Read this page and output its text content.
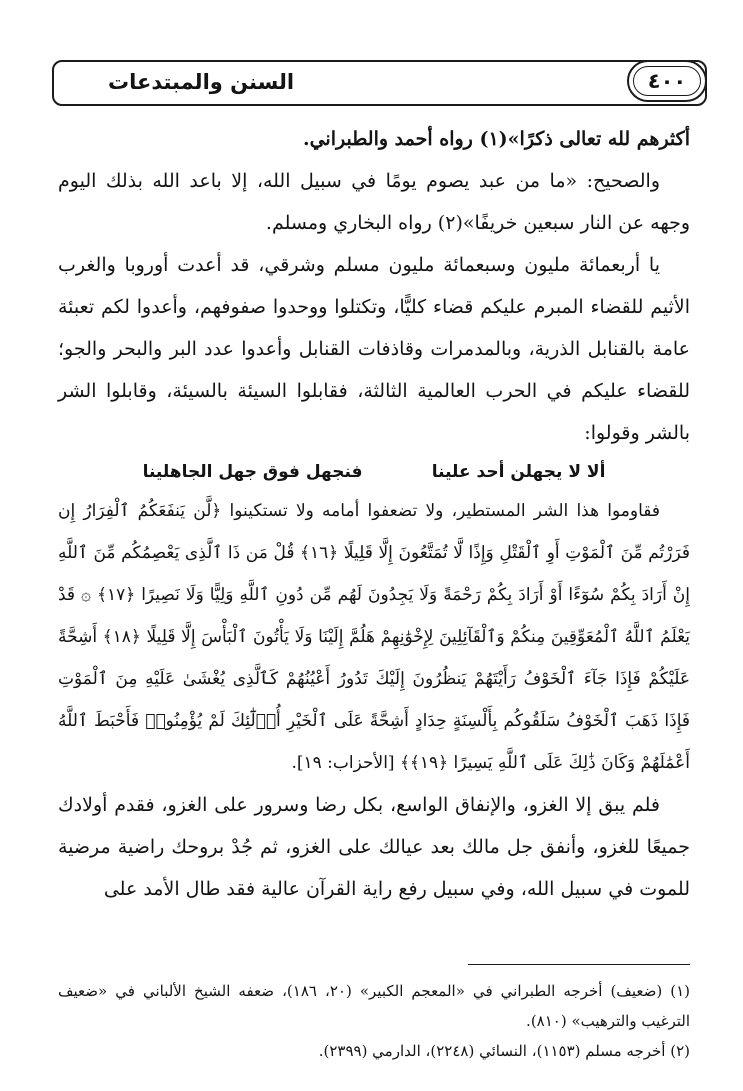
السنن والمبتدعات	٤٠٠

أكثرهم لله تعالى ذكرًا»(١) رواه أحمد والطبراني.

والصحيح: «ما من عبد يصوم يومًا في سبيل الله، إلا باعد الله بذلك اليوم وجهه عن النار سبعين خريفًا»(٢) رواه البخاري ومسلم.

يا أربعمائة مليون وسبعمائة مليون مسلم وشرقي، قد أعدت أوروبا والغرب الأثيم للقضاء المبرم عليكم قضاء كليًّا، وتكتلوا ووحدوا صفوفهم، وأعدوا لكم تعبئة عامة بالقنابل الذرية، وبالمدمرات وقاذفات القنابل وأعدوا عدد البر والبحر والجو؛ للقضاء عليكم في الحرب العالمية الثالثة، فقابلوا السيئة بالسيئة، وقابلوا الشر بالشر وقولوا:

ألا لا يجهلن أحد علينا
فنجهل فوق جهل الجاهلينا

فقاوموا هذا الشر المستطير، ولا تضعفوا أمامه ولا تستكينوا ﴿لَّن يَنفَعَكُمُ ٱلْفِرَارُ إِن فَرَرْتُم مِّنَ ٱلْمَوْتِ أَوِ ٱلْقَتْلِ وَإِذًا لَّا تُمَتَّعُونَ إِلَّا قَلِيلًا ﴿١٦﴾ قُلْ مَن ذَا ٱلَّذِى يَعْصِمُكُم مِّنَ ٱللَّهِ إِنْ أَرَادَ بِكُمْ سُوٓءًا أَوْ أَرَادَ بِكُمْ رَحْمَةً وَلَا يَجِدُونَ لَهُم مِّن دُونِ ٱللَّهِ وَلِيًّا وَلَا نَصِيرًا ﴿١٧﴾ ۞ قَدْ يَعْلَمُ ٱللَّهُ ٱلْمُعَوِّقِينَ مِنكُمْ وَٱلْقَآئِلِينَ لِإِخْوَٰنِهِمْ هَلُمَّ إِلَيْنَا وَلَا يَأْتُونَ ٱلْبَأْسَ إِلَّا قَلِيلًا ﴿١٨﴾ أَشِحَّةً عَلَيْكُمْ فَإِذَا جَآءَ ٱلْخَوْفُ رَأَيْتَهُمْ يَنظُرُونَ إِلَيْكَ تَدُورُ أَعْيُنُهُمْ كَٱلَّذِى يُغْشَىٰ عَلَيْهِ مِنَ ٱلْمَوْتِ فَإِذَا ذَهَبَ ٱلْخَوْفُ سَلَقُوكُم بِأَلْسِنَةٍ حِدَادٍ أَشِحَّةً عَلَى ٱلْخَيْرِ أُو۟لَٰٓئِكَ لَمْ يُؤْمِنُوا۟ فَأَحْبَطَ ٱللَّهُ أَعْمَٰلَهُمْ وَكَانَ ذَٰلِكَ عَلَى ٱللَّهِ يَسِيرًا ﴿١٩﴾﴾ [الأحزاب: ١٩].

فلم يبق إلا الغزو، والإنفاق الواسع، بكل رضا وسرور على الغزو، فقدم أولادك جميعًا للغزو، وأنفق جل مالك بعد عيالك على الغزو، ثم جُدْ بروحك راضية مرضية للموت في سبيل الله، وفي سبيل رفع راية القرآن عالية فقد طال الأمد على

(١) (ضعيف) أخرجه الطبراني في «المعجم الكبير» (٢٠، ١٨٦)، ضعفه الشيخ الألباني في «ضعيف الترغيب والترهيب» (٨١٠).

(٢) أخرجه مسلم (١١٥٣)، النسائي (٢٢٤٨)، الدارمي (٢٣٩٩).
